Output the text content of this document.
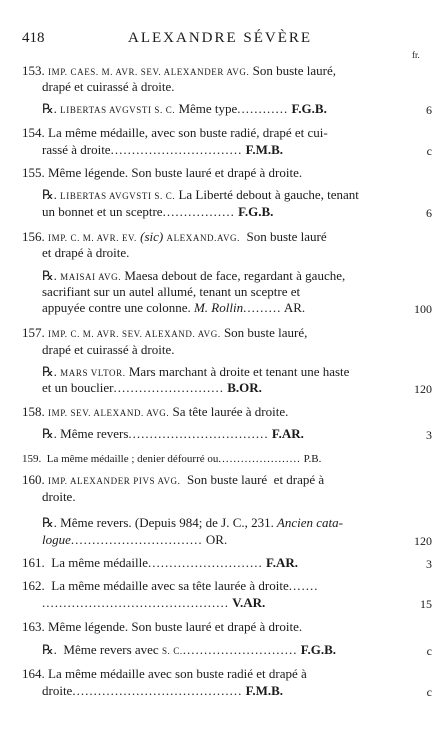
418	ALEXANDRE SÉVÈRE
fr.
153. IMP. CAES. M. AVR. SEV. ALEXANDER AVG. Son buste lauré,
drapé et cuirassé à droite.
℞. LIBERTAS AVGVSTI S. C. Même type............ F.G.B.	6
154. La même médaille, avec son buste radié, drapé et cui-
rassé à droite............................... F.M.B.	c
155. Même légende. Son buste lauré et drapé à droite.
℞. LIBERTAS AVGVSTI S. C. La Liberté debout à gauche, tenant
un bonnet et un sceptre................. F.G.B.	6
156. IMP. C. M. AVR. EV. (sic) ALEXAND.AVG.  Son buste lauré
et drapé à droite.
℞. MAISAI AVG. Maesa debout de face, regardant à gauche,
sacrifiant sur un autel allumé, tenant un sceptre et
appuyée contre une colonne. M. Rollin......... AR.	100
157. IMP. C. M. AVR. SEV. ALEXAND. AVG. Son buste lauré,
drapé et cuirassé à droite.
℞. MARS VLTOR. Mars marchant à droite et tenant une haste
et un bouclier.......................... B.OR.	120
158. IMP. SEV. ALEXAND. AVG. Sa tête laurée à droite.
℞. Même revers................................. F.AR.	3
159.  La même médaille ; denier défourré ou...................... P.B.
160. IMP. ALEXANDER PIVS AVG.  Son buste lauré  et drapé à
droite.
℞. Même revers. (Depuis 984; de J. C., 231. Ancien cata-
logue............................... OR.	120
161.  La même médaille........................... F.AR.	3
162.  La même médaille avec sa tête laurée à droite.......
............................................ V.AR.	15
163. Même légende. Son buste lauré et drapé à droite.
℞.  Même revers avec S. C............................ F.G.B.	c
164. La même médaille avec son buste radié et drapé à
droite........................................ F.M.B.	c
